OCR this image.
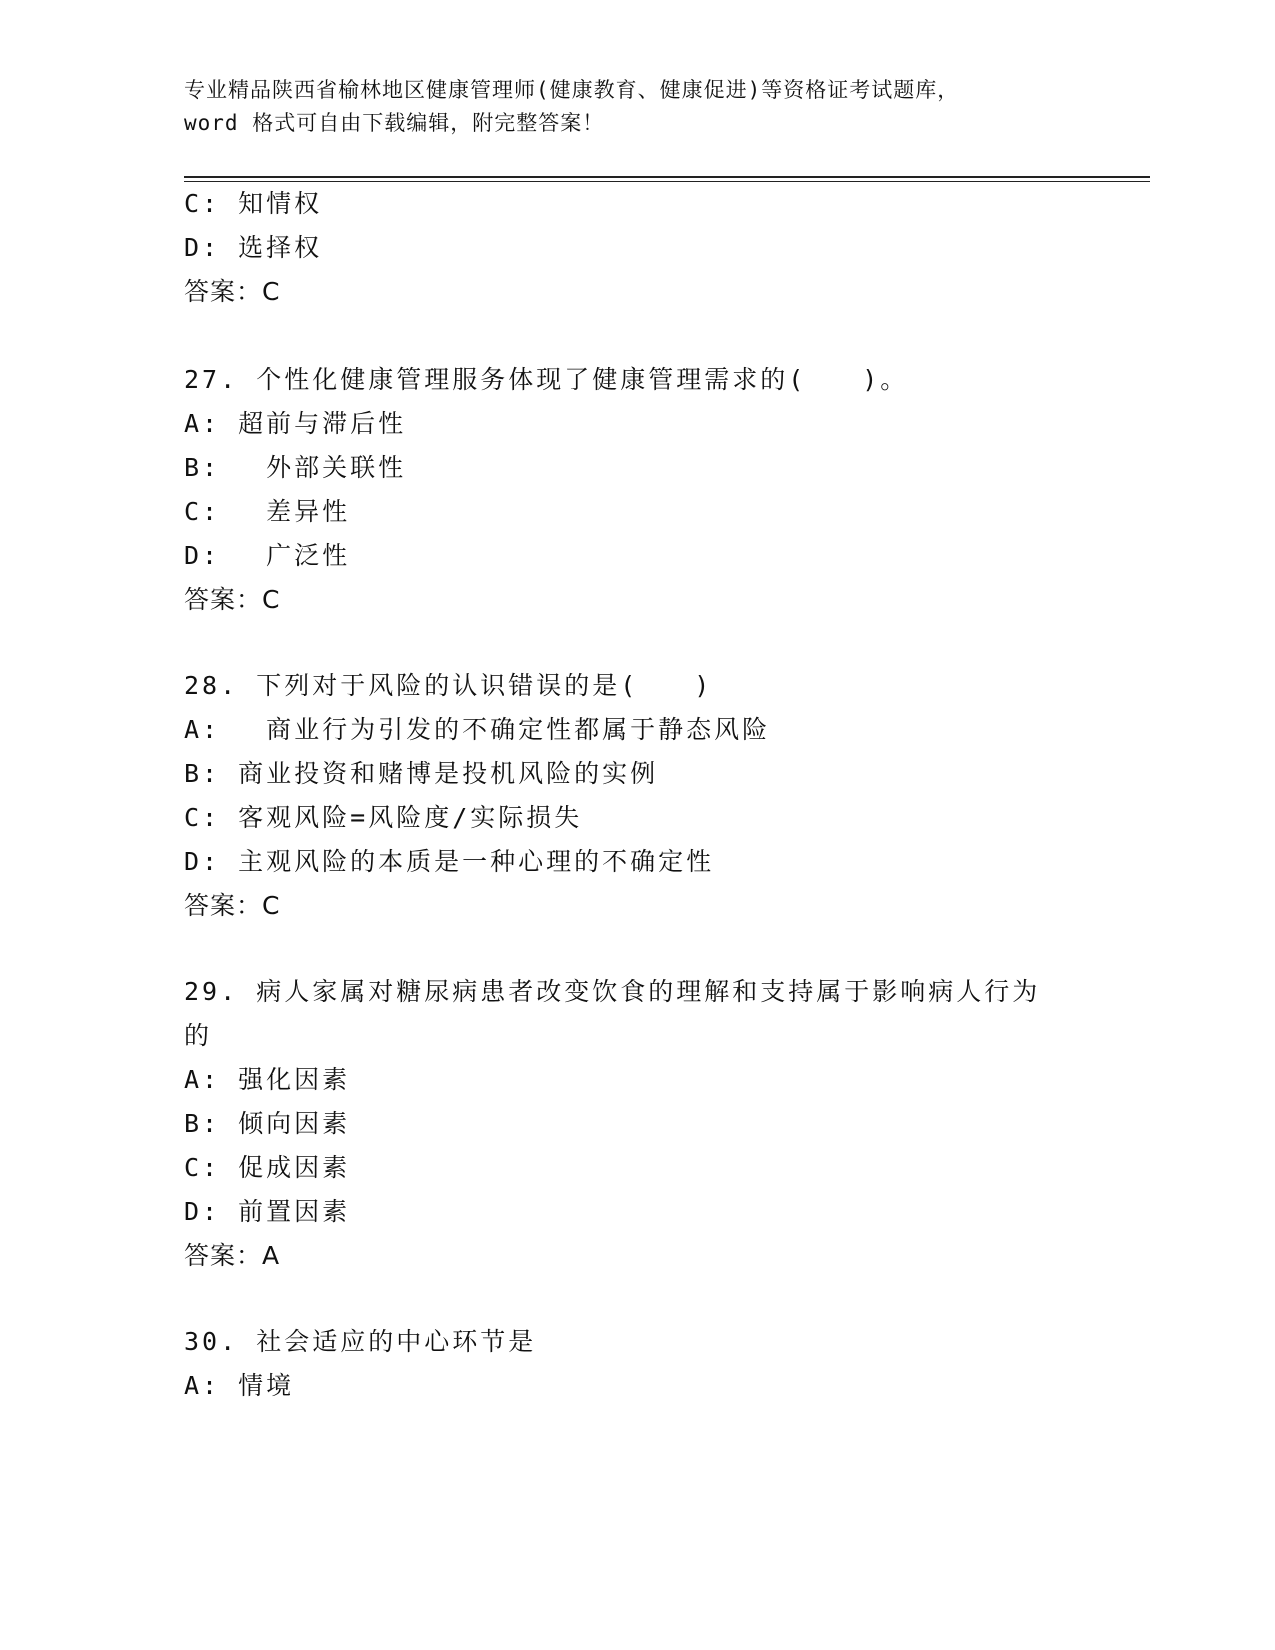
专业精品陕西省榆林地区健康管理师(健康教育、健康促进)等资格证考试题库，
word 格式可自由下载编辑，附完整答案！
C: 知情权
D: 选择权
答案：C
27. 个性化健康管理服务体现了健康管理需求的(　　)。
A: 超前与滞后性
B: 　外部关联性
C: 　差异性
D: 　广泛性
答案：C
28. 下列对于风险的认识错误的是(　　)
A: 　商业行为引发的不确定性都属于静态风险
B: 商业投资和赌博是投机风险的实例
C: 客观风险=风险度/实际损失
D: 主观风险的本质是一种心理的不确定性
答案：C
29. 病人家属对糖尿病患者改变饮食的理解和支持属于影响病人行为
的
A: 强化因素
B: 倾向因素
C: 促成因素
D: 前置因素
答案：A
30. 社会适应的中心环节是
A: 情境
